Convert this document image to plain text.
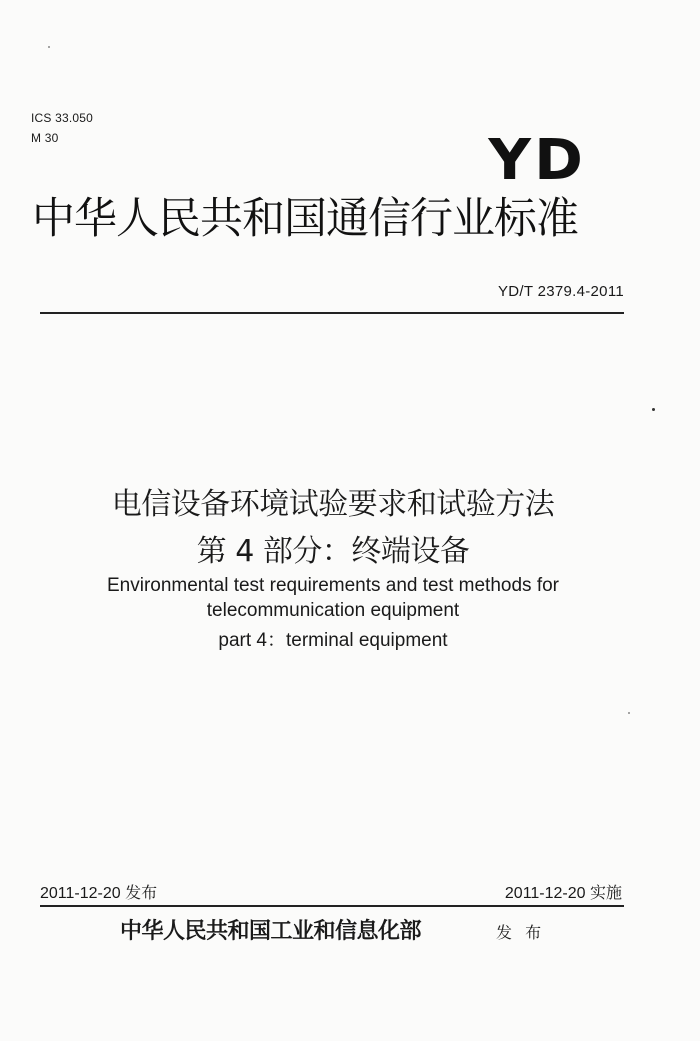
ICS 33.050
M 30	YD
中华人民共和国通信行业标准
YD/T 2379.4-2011
电信设备环境试验要求和试验方法
第 4 部分：终端设备
Environmental test requirements and test methods for
telecommunication equipment
part 4：terminal equipment
2011-12-20 发布	2011-12-20 实施
中华人民共和国工业和信息化部	发 布
